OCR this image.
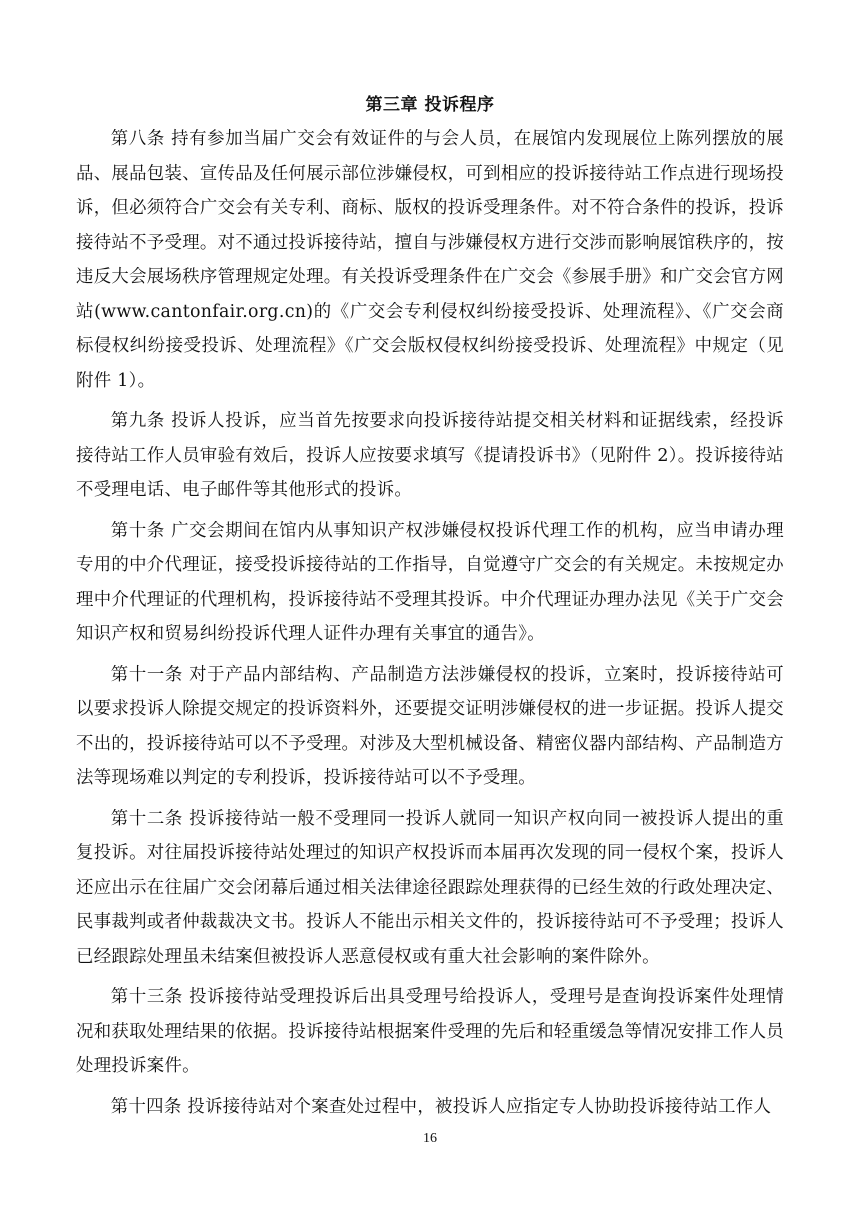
第三章 投诉程序

第八条 持有参加当届广交会有效证件的与会人员，在展馆内发现展位上陈列摆放的展品、展品包装、宣传品及任何展示部位涉嫌侵权，可到相应的投诉接待站工作点进行现场投诉，但必须符合广交会有关专利、商标、版权的投诉受理条件。对不符合条件的投诉，投诉接待站不予受理。对不通过投诉接待站，擅自与涉嫌侵权方进行交涉而影响展馆秩序的，按违反大会展场秩序管理规定处理。有关投诉受理条件在广交会《参展手册》和广交会官方网站(www.cantonfair.org.cn)的《广交会专利侵权纠纷接受投诉、处理流程》、《广交会商标侵权纠纷接受投诉、处理流程》《广交会版权侵权纠纷接受投诉、处理流程》中规定（见附件 1）。

第九条 投诉人投诉，应当首先按要求向投诉接待站提交相关材料和证据线索，经投诉接待站工作人员审验有效后，投诉人应按要求填写《提请投诉书》（见附件 2）。投诉接待站不受理电话、电子邮件等其他形式的投诉。

第十条 广交会期间在馆内从事知识产权涉嫌侵权投诉代理工作的机构，应当申请办理专用的中介代理证，接受投诉接待站的工作指导，自觉遵守广交会的有关规定。未按规定办理中介代理证的代理机构，投诉接待站不受理其投诉。中介代理证办理办法见《关于广交会知识产权和贸易纠纷投诉代理人证件办理有关事宜的通告》。

第十一条 对于产品内部结构、产品制造方法涉嫌侵权的投诉，立案时，投诉接待站可以要求投诉人除提交规定的投诉资料外，还要提交证明涉嫌侵权的进一步证据。投诉人提交不出的，投诉接待站可以不予受理。对涉及大型机械设备、精密仪器内部结构、产品制造方法等现场难以判定的专利投诉，投诉接待站可以不予受理。

第十二条 投诉接待站一般不受理同一投诉人就同一知识产权向同一被投诉人提出的重复投诉。对往届投诉接待站处理过的知识产权投诉而本届再次发现的同一侵权个案，投诉人还应出示在往届广交会闭幕后通过相关法律途径跟踪处理获得的已经生效的行政处理决定、民事裁判或者仲裁裁决文书。投诉人不能出示相关文件的，投诉接待站可不予受理；投诉人已经跟踪处理虽未结案但被投诉人恶意侵权或有重大社会影响的案件除外。

第十三条 投诉接待站受理投诉后出具受理号给投诉人，受理号是查询投诉案件处理情况和获取处理结果的依据。投诉接待站根据案件受理的先后和轻重缓急等情况安排工作人员处理投诉案件。

第十四条 投诉接待站对个案查处过程中，被投诉人应指定专人协助投诉接待站工作人

16
